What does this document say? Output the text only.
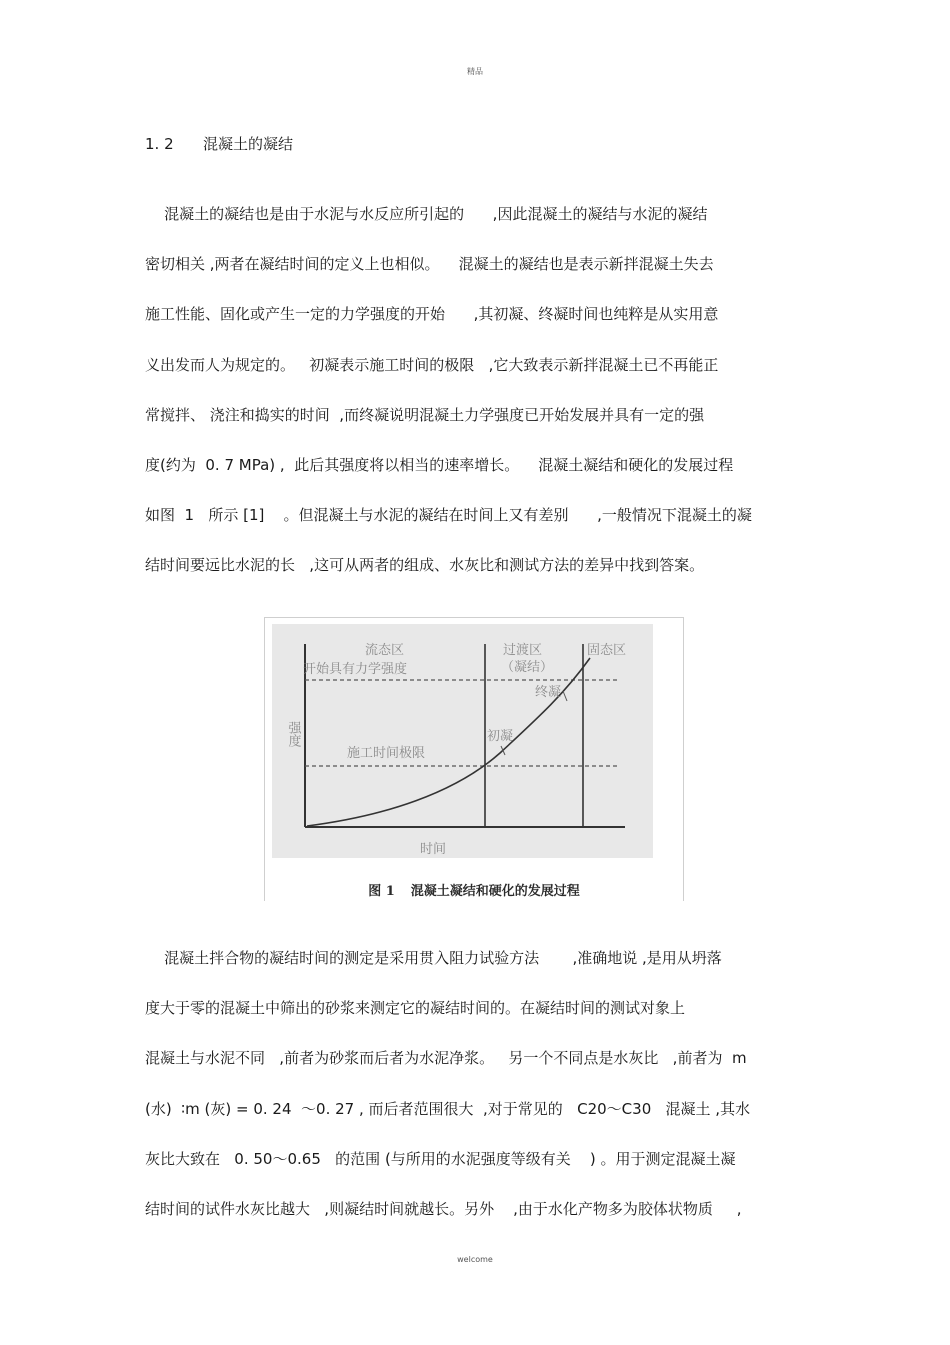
精品
1. 2 混凝土的凝结
混凝土的凝结也是由于水泥与水反应所引起的      ,因此混凝土的凝结与水泥的凝结
密切相关 ,两者在凝结时间的定义上也相似。    混凝土的凝结也是表示新拌混凝土失去
施工性能、固化或产生一定的力学强度的开始      ,其初凝、终凝时间也纯粹是从实用意
义出发而人为规定的。   初凝表示施工时间的极限   ,它大致表示新拌混凝土已不再能正
常搅拌、 浇注和捣实的时间  ,而终凝说明混凝土力学强度已开始发展并具有一定的强
度(约为  0. 7 MPa) ,  此后其强度将以相当的速率增长。    混凝土凝结和硬化的发展过程
如图  1   所示 [1]    。但混凝土与水泥的凝结在时间上又有差别      ,一般情况下混凝土的凝
结时间要远比水泥的长   ,这可从两者的组成、水灰比和测试方法的差异中找到答案。
流态区
开始具有力学强度
过渡区
（凝结）
固态区
终凝
初凝
施工时间极限
强度
时间
图 1 混凝土凝结和硬化的发展过程
混凝土拌合物的凝结时间的测定是采用贯入阻力试验方法       ,准确地说 ,是用从坍落
度大于零的混凝土中筛出的砂浆来测定它的凝结时间的。在凝结时间的测试对象上
混凝土与水泥不同   ,前者为砂浆而后者为水泥净浆。   另一个不同点是水灰比   ,前者为  m
(水)  ∶m (灰) = 0. 24  ～0. 27 , 而后者范围很大  ,对于常见的   C20～C30   混凝土 ,其水
灰比大致在   0. 50～0.65   的范围 (与所用的水泥强度等级有关    ) 。用于测定混凝土凝
结时间的试件水灰比越大   ,则凝结时间就越长。另外    ,由于水化产物多为胶体状物质     ,
welcome
